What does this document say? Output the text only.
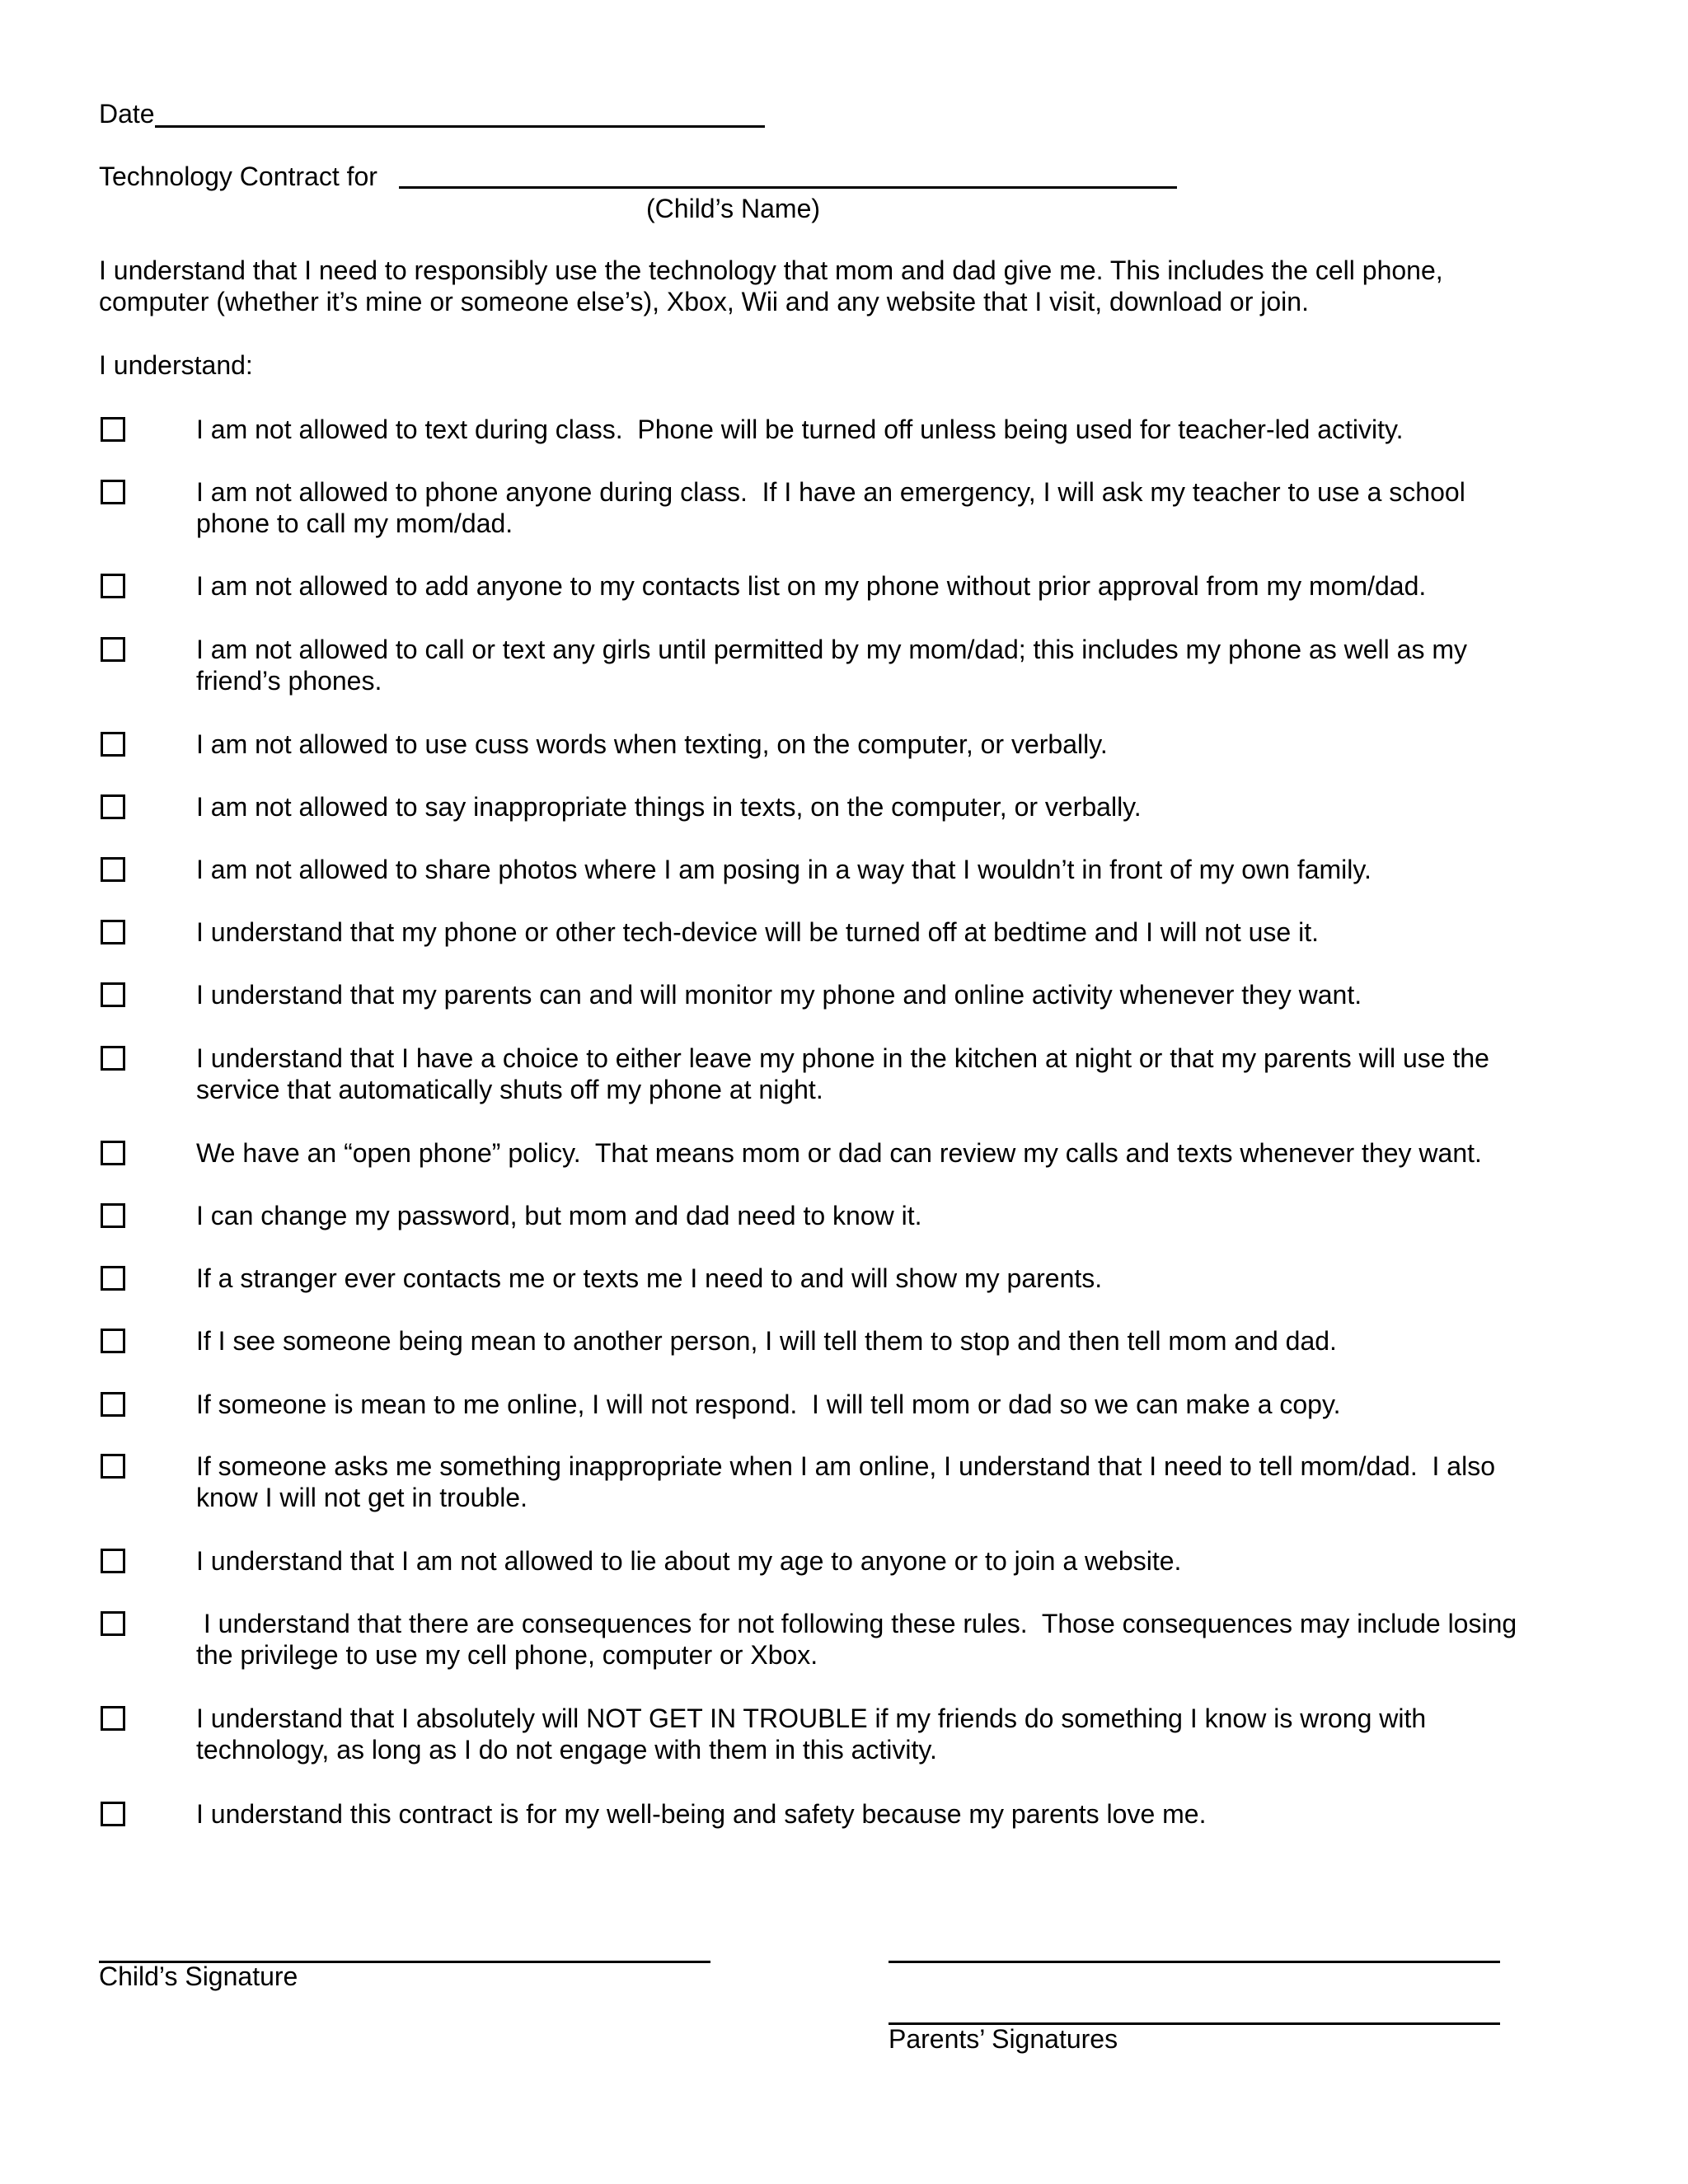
Date
Technology Contract for
(Child’s Name)
I understand that I need to responsibly use the technology that mom and dad give me. This includes the cell phone,
computer (whether it’s mine or someone else’s), Xbox, Wii and any website that I visit, download or join.
I understand:
I am not allowed to text during class.  Phone will be turned off unless being used for teacher-led activity.
I am not allowed to phone anyone during class.  If I have an emergency, I will ask my teacher to use a school
phone to call my mom/dad.
I am not allowed to add anyone to my contacts list on my phone without prior approval from my mom/dad.
I am not allowed to call or text any girls until permitted by my mom/dad; this includes my phone as well as my
friend’s phones.
I am not allowed to use cuss words when texting, on the computer, or verbally.
I am not allowed to say inappropriate things in texts, on the computer, or verbally.
I am not allowed to share photos where I am posing in a way that I wouldn’t in front of my own family.
I understand that my phone or other tech-device will be turned off at bedtime and I will not use it.
I understand that my parents can and will monitor my phone and online activity whenever they want.
I understand that I have a choice to either leave my phone in the kitchen at night or that my parents will use the
service that automatically shuts off my phone at night.
We have an “open phone” policy.  That means mom or dad can review my calls and texts whenever they want.
I can change my password, but mom and dad need to know it.
If a stranger ever contacts me or texts me I need to and will show my parents.
If I see someone being mean to another person, I will tell them to stop and then tell mom and dad.
If someone is mean to me online, I will not respond.  I will tell mom or dad so we can make a copy.
If someone asks me something inappropriate when I am online, I understand that I need to tell mom/dad.  I also
know I will not get in trouble.
I understand that I am not allowed to lie about my age to anyone or to join a website.
I understand that there are consequences for not following these rules.  Those consequences may include losing
the privilege to use my cell phone, computer or Xbox.
I understand that I absolutely will NOT GET IN TROUBLE if my friends do something I know is wrong with
technology, as long as I do not engage with them in this activity.
I understand this contract is for my well-being and safety because my parents love me.
Child’s Signature
Parents’ Signatures
